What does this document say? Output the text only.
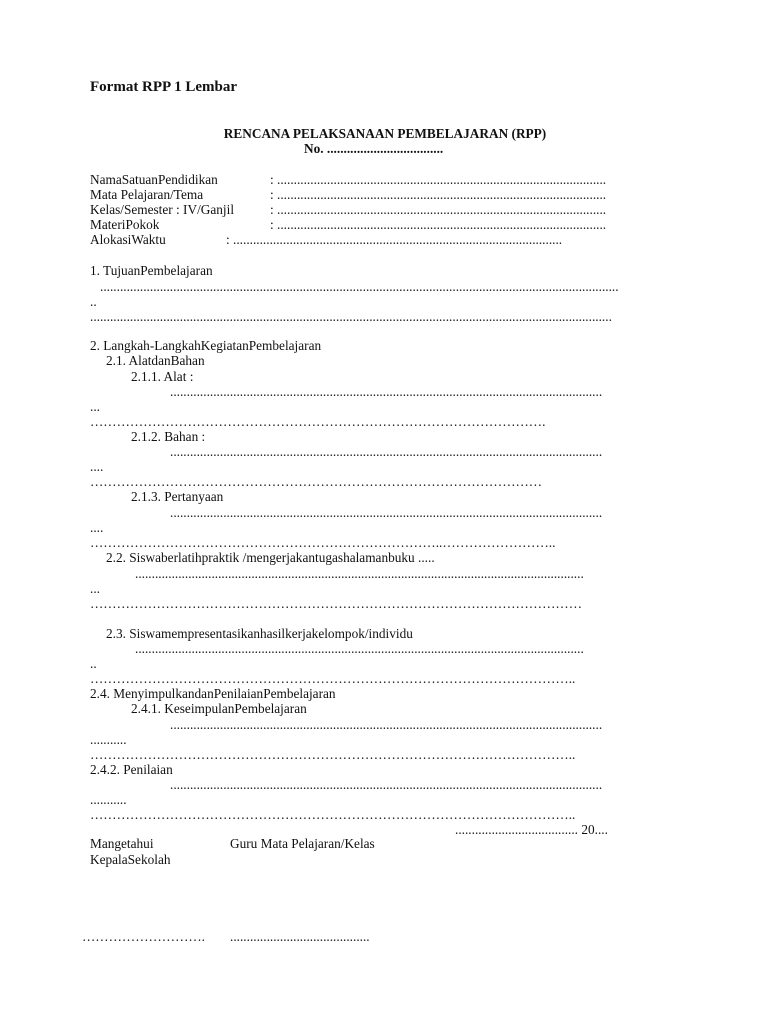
Format RPP 1 Lembar
RENCANA PELAKSANAAN PEMBELAJARAN (RPP)
No. ...................................
NamaSatuanPendidikan	: ...................................................................................................
Mata Pelajaran/Tema	: ...................................................................................................
Kelas/Semester : IV/Ganjil	: ...................................................................................................
MateriPokok	: ...................................................................................................
AlokasiWaktu	: ...................................................................................................
1. TujuanPembelajaran
............................................................................................................................................................
..
.............................................................................................................................................................
2. Langkah-LangkahKegiatanPembelajaran
2.1. AlatdanBahan
2.1.1. Alat :
..................................................................................................................................
...
………………………………………………………………………………………….
2.1.2. Bahan :
..................................................................................................................................
....
…………………………………………………………………………………………
2.1.3. Pertanyaan
..................................................................................................................................
....
……………………………………………………………………..……………………..
2.2. Siswaberlatihpraktik /mengerjakantugashalamanbuku .....
.......................................................................................................................................
...
…………………………………………………………………………………………………
2.3. Siswamempresentasikanhasilkerjakelompok/individu
.......................................................................................................................................
..
………………………………………………………………………………………………..
2.4. MenyimpulkandanPenilaianPembelajaran
2.4.1. KeseimpulanPembelajaran
..................................................................................................................................
...........
………………………………………………………………………………………………..
2.4.2. Penilaian
..................................................................................................................................
...........
………………………………………………………………………………………………..
..................................... 20....
Mangetahui	Guru Mata Pelajaran/Kelas
KepalaSekolah
………………………. ..........................................
